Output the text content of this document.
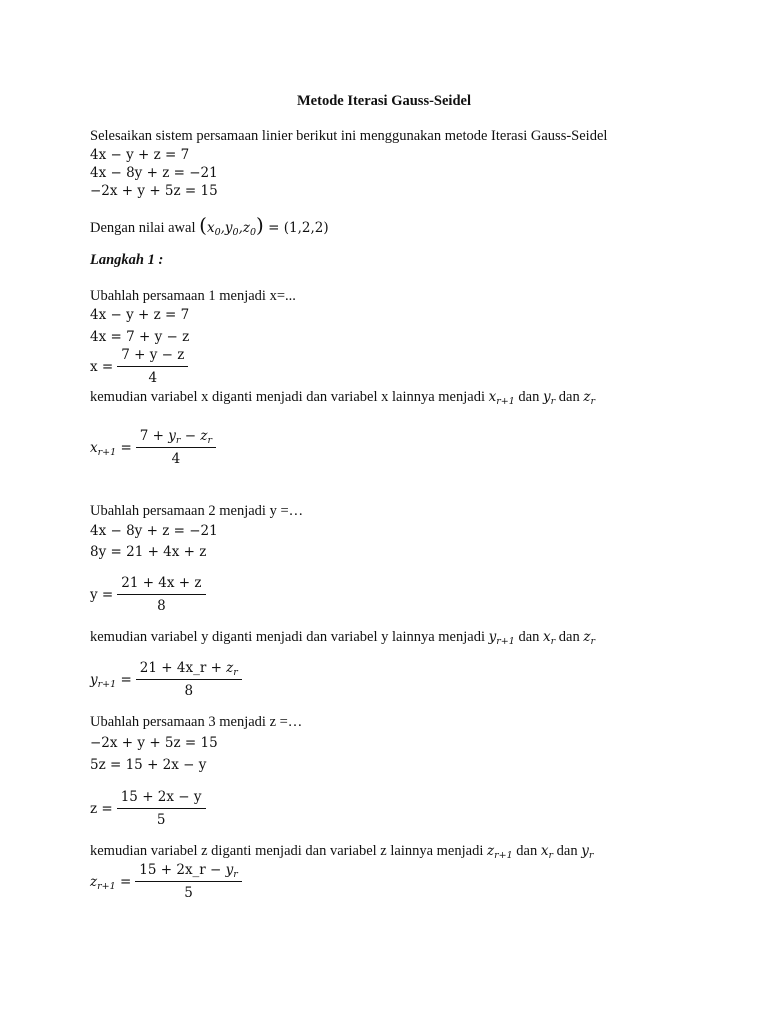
Metode Iterasi Gauss-Seidel
Selesaikan sistem persamaan linier berikut ini menggunakan metode Iterasi Gauss-Seidel
4x − y + z = 7
4x − 8y + z = −21
−2x + y + 5z = 15
Dengan nilai awal $(x_0,y_0,z_0) = (1,2,2)$
Langkah 1 :
Ubahlah persamaan 1 menjadi x=...
4x − y + z = 7
4x = 7 + y − z
$x = \frac{7 + y - z}{4}$
kemudian variabel x diganti menjadi dan variabel x lainnya menjadi $x_{r+1}$ dan $y_r$ dan $z_r$
$x_{r+1}$
= $\frac{7 + y_r - z_r}{4}$
Ubahlah persamaan 2 menjadi y =…
4x − 8y + z = −21
8y = 21 + 4x + z
$y = \frac{21 + 4x + z}{8}$
kemudian variabel y diganti menjadi dan variabel y lainnya menjadi $y_{r+1}$ dan $x_r$ dan $z_r$
$y_{r+1}$
= $\frac{21 + 4x\_r + z_r}{8}$
Ubahlah persamaan 3 menjadi z =…
−2x + y + 5z = 15
5z = 15 + 2x − y
$z = \frac{15 + 2x - y}{5}$
kemudian variabel z diganti menjadi dan variabel z lainnya menjadi $z_{r+1}$ dan $x_r$ dan $y_r$
$z_{r+1}$
= $\frac{15 + 2x\_r - y_r}{5}$
